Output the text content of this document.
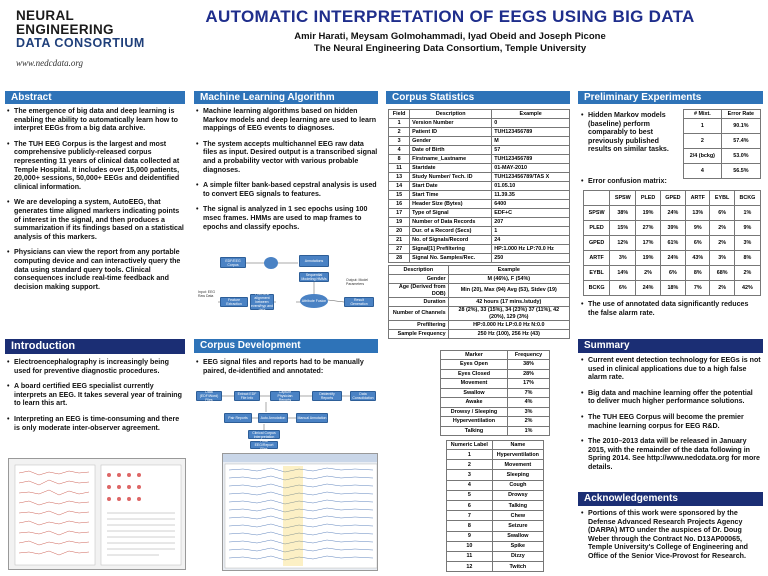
NEURAL ENGINEERING
DATA CONSORTIUM
www.nedcdata.org
AUTOMATIC INTERPRETATION OF EEGS USING BIG DATA
Amir Harati, Meysam Golmohammadi, Iyad Obeid and Joseph Picone
The Neural Engineering Data Consortium, Temple University
Abstract
• The emergence of big data and deep learning is enabling the ability to automatically learn how to interpret EEGs from a big data archive.
• The TUH EEG Corpus is the largest and most comprehensive publicly-released corpus representing 11 years of clinical data collected at Temple Hospital. It includes over 15,000 patients, 20,000+ sessions, 50,000+ EEGs and deidentified clinical information.
• We are developing a system, AutoEEG, that generates time aligned markers indicating points of interest in the signal, and then produces a summarization if its findings based on a statistical analysis of this markers.
• Physicians can view the report from any portable computing device and can interactively query the data using standard query tools. Clinical consequences include real-time feedback and decision making support.
Introduction
• Electroencephalography is increasingly being used for preventive diagnostic procedures.
• A board certified EEG specialist currently interprets an EEG. It takes several year of training to learn this art.
• Interpreting an EEG is time-consuming and there is only moderate inter-observer agreement.
Machine Learning Algorithm
• Machine learning algorithms based on hidden Markov models and deep learning are used to learn mappings of EEG events to diagnoses.
• The system accepts multichannel EEG raw data files as input. Desired output is a transcribed signal and a probability vector with various probable diagnoses.
• A simple filter bank-based cepstral analysis is used to convert EEG signals to features.
• The signal is analyzed in 1 sec epochs using 100 msec frames. HMMs are used to map frames to epochs and classify epochs.
EDF/EEG Corpus
Annotations
Sequential Modeling HMMs
Input: EEG Raw Data
Feature Extraction
Find best alignment between event/hyp and data
Attribute Fusion
Output: Model Parameters
Result Generation
Corpus Development
• EEG signal files and reports had to be manually paired, de-identified and annotated:
Data (EDF/Word) Files
Extract EDF File Info
Capture Physician Reports
Deidentify Reports
Data Consolidation
Pair Reports	Auto Annotation	Manual Annotation
Clinical Corpus Interpretation
Final EEG/Report Files
Corpus Statistics
Field	Description	Example
1	Version Number	0
2	Patient ID	TUH123456789
3	Gender	M
4	Date of Birth	57
8	Firstname_Lastname	TUH123456789
11	Startdate	01-MAY-2010
13	Study Number/ Tech. ID	TUH123456789/TAS X
14	Start Date	01.05.10
15	Start Time	11.39.35
16	Header Size (Bytes)	6400
17	Type of Signal	EDF+C
19	Number of Data Records	207
20	Dur. of a Record (Secs)	1
21	No. of Signals/Record	24
27	Signal[1] Prefiltering	HP:1.000 Hz LP:70.0 Hz
28	Signal No. Samples/Rec.	250
Description	Example
Gender	M (46%), F (54%)
Age (Derived from DOB)	Min (20), Max (94) Avg (53), Stdev (19)
Duration	42 hours (17 mins./study)
Number of Channels	28 (2%), 33 (15%), 34 (23%) 37 (11%), 42 (20%), 129 (3%)
Prefiltering	HP:0.000 Hz LP:0.0 Hz N:0.0
Sample Frequency	250 Hz (100), 256 Hz (43)
Marker	Frequency
Eyes Open	38%
Eyes Closed	28%
Movement	17%
Swallow	7%
Awake	4%
Drowsy / Sleeping	3%
Hyperventilation	2%
Talking	1%
Numeric Label	Name
1	Hyperventilation
2	Movement
3	Sleeping
4	Cough
5	Drowsy
6	Talking
7	Chew
8	Seizure
9	Swallow
10	Spike
11	Dizzy
12	Twitch
Preliminary Experiments
• Hidden Markov models (baseline) perform comparably to best previously published results on similar tasks.
# Mixt.	Error Rate
1	90.1%
2	57.4%
2/4 (bckg)	53.0%
4	56.5%
• Error confusion matrix:
	SPSW	PLED	GPED	ARTF	EYBL	BCKG
SPSW	38%	19%	24%	13%	6%	1%
PLED	15%	27%	39%	9%	2%	9%
GPED	12%	17%	61%	6%	2%	3%
ARTF	3%	19%	24%	43%	3%	8%
EYBL	14%	2%	6%	8%	68%	2%
BCKG	6%	24%	18%	7%	2%	42%
• The use of annotated data significantly reduces the false alarm rate.
Summary
• Current event detection technology for EEGs is not used in clinical applications due to a high false alarm rate.
• Big data and machine learning offer the potential to deliver much higher performance solutions.
• The TUH EEG Corpus will become the premier machine learning corpus for EEG R&D.
• The 2010–2013 data will be released in January 2015, with the remainder of the data following in Spring 2014. See http://www.nedcdata.org for more details.
Acknowledgements
• Portions of this work were sponsored by the Defense Advanced Research Projects Agency (DARPA) MTO under the auspices of Dr. Doug Weber through the Contract No. D13AP00065, Temple University's College of Engineering and Office of the Senior Vice-Provost for Research.
